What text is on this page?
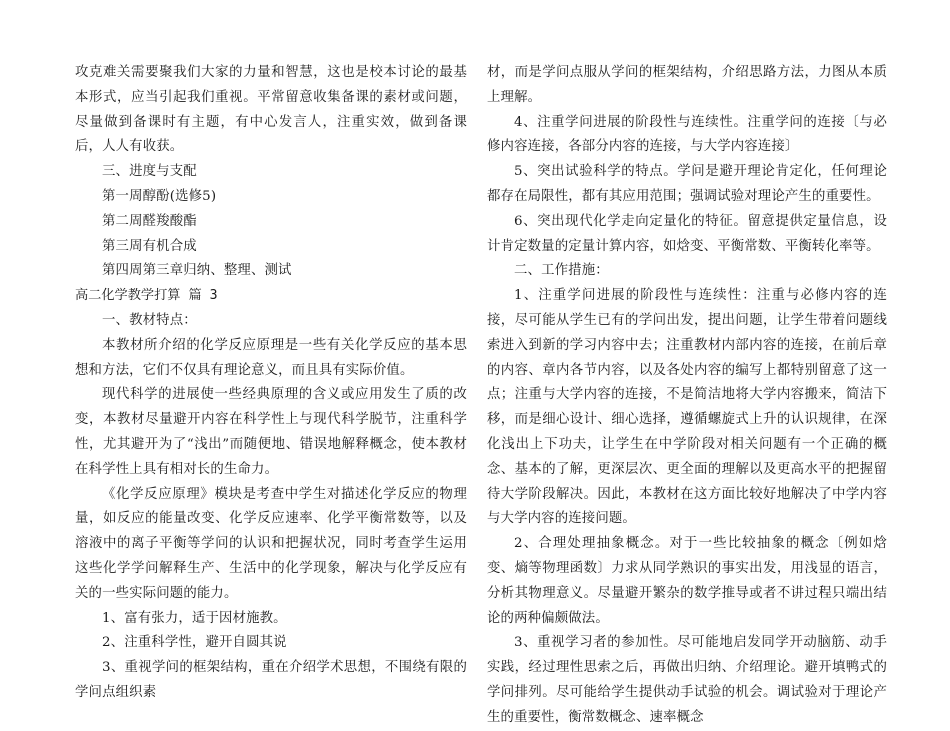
攻克难关需要聚我们大家的力量和智慧，这也是校本讨论的最基本形式，应当引起我们重视。平常留意收集备课的素材或问题，尽量做到备课时有主题，有中心发言人，注重实效，做到备课后，人人有收获。

三、进度与支配

第一周醇酚(选修5)

第二周醛羧酸酯

第三周有机合成

第四周第三章归纳、整理、测试

高二化学教学打算 篇 3

一、教材特点：

本教材所介绍的化学反应原理是一些有关化学反应的基本思想和方法，它们不仅具有理论意义，而且具有实际价值。

现代科学的进展使一些经典原理的含义或应用发生了质的改变，本教材尽量避开内容在科学性上与现代科学脱节，注重科学性，尤其避开为了“浅出”而随便地、错误地解释概念，使本教材在科学性上具有相对长的生命力。

《化学反应原理》模块是考查中学生对描述化学反应的物理量，如反应的能量改变、化学反应速率、化学平衡常数等，以及溶液中的离子平衡等学问的认识和把握状况，同时考查学生运用这些化学学问解释生产、生活中的化学现象，解决与化学反应有关的一些实际问题的能力。

1、富有张力，适于因材施教。

2、注重科学性，避开自圆其说

3、重视学问的框架结构，重在介绍学术思想，不围绕有限的学问点组织素

材，而是学问点服从学问的框架结构，介绍思路方法，力图从本质上理解。

4、注重学问进展的阶段性与连续性。注重学问的连接〔与必修内容连接，各部分内容的连接，与大学内容连接〕

5、突出试验科学的特点。学问是避开理论肯定化，任何理论都存在局限性，都有其应用范围；强调试验对理论产生的重要性。

6、突出现代化学走向定量化的特征。留意提供定量信息，设计肯定数量的定量计算内容，如焓变、平衡常数、平衡转化率等。

二、工作措施：

1、注重学问进展的阶段性与连续性：注重与必修内容的连接，尽可能从学生已有的学问出发，提出问题，让学生带着问题线索进入到新的学习内容中去；注重教材内部内容的连接，在前后章的内容、章内各节内容，以及各处内容的编写上都特别留意了这一点；注重与大学内容的连接，不是简洁地将大学内容搬来，简洁下移，而是细心设计、细心选择，遵循螺旋式上升的认识规律，在深化浅出上下功夫，让学生在中学阶段对相关问题有一个正确的概念、基本的了解，更深层次、更全面的理解以及更高水平的把握留待大学阶段解决。因此，本教材在这方面比较好地解决了中学内容与大学内容的连接问题。

2、合理处理抽象概念。对于一些比较抽象的概念〔例如焓变、熵等物理函数〕力求从同学熟识的事实出发，用浅显的语言，分析其物理意义。尽量避开繁杂的数学推导或者不讲过程只端出结论的两种偏颇做法。

3、重视学习者的参加性。尽可能地启发同学开动脑筋、动手实践，经过理性思索之后，再做出归纳、介绍理论。避开填鸭式的学问排列。尽可能给学生提供动手试验的机会。调试验对于理论产生的重要性，衡常数概念、速率概念
